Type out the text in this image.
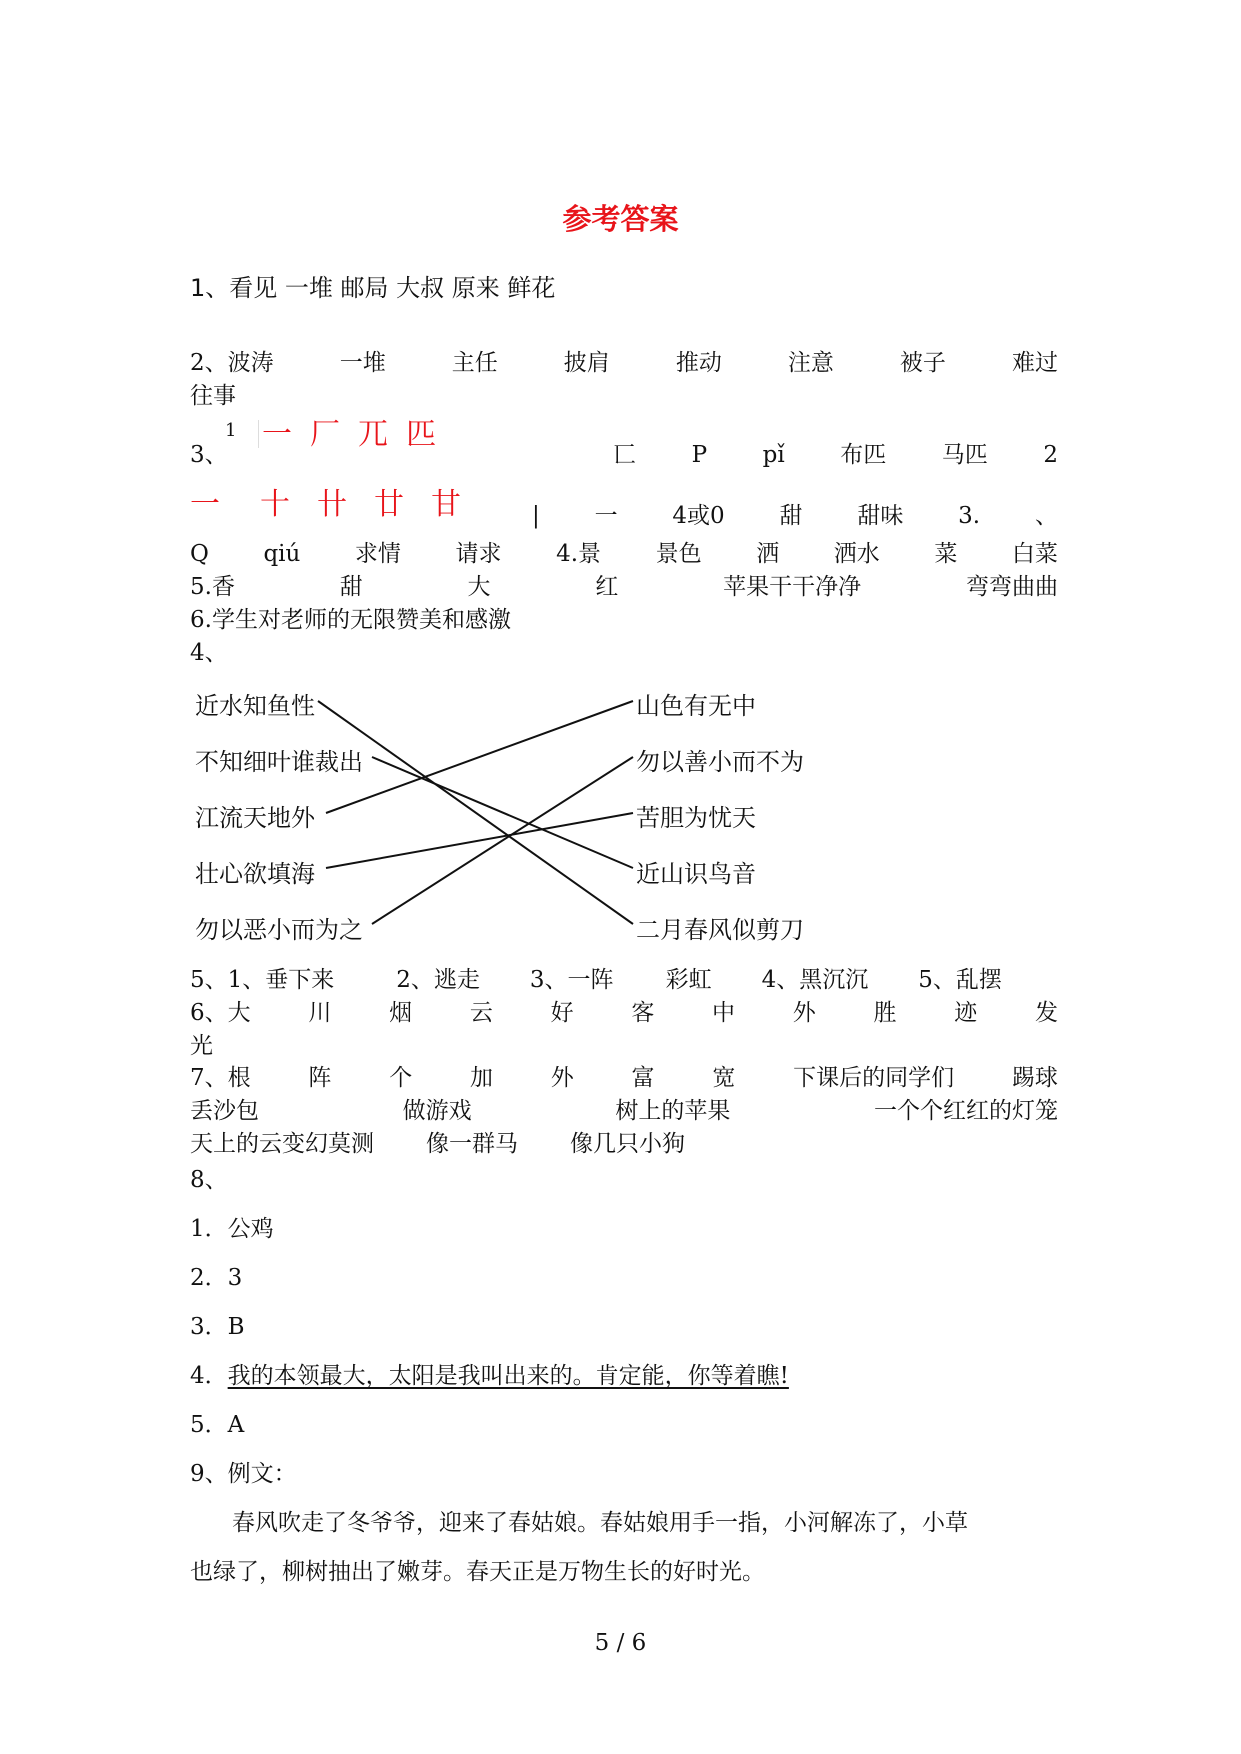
参考答案
1、看见 一堆 邮局 大叔 原来 鲜花
2、波涛	一堆	主任	披肩	推动	注意	被子	难过
往事
1 一 厂 兀 匹
3、	匸 P pǐ 布匹 马匹 2
一 十 卄 廿 甘	| 一 4或0 甜 甜味 3. 、
Q qiú 求情 请求 4.景 景色 洒 洒水 菜 白菜
5.香	甜	大	红	苹果干干净净	弯弯曲曲
6.学生对老师的无限赞美和感激
4、
近水知鱼性
不知细叶谁裁出
江流天地外
壮心欲填海
勿以恶小而为之
山色有无中
勿以善小而不为
苦胆为忧天
近山识鸟音
二月春风似剪刀
5、1、垂下来	2、逃走 3、一阵 彩虹 4、黑沉沉 5、乱摆
6、大	川	烟	云	好	客	中	外	胜	迹	发
光
7、根	阵	个	加	外	富	宽	下课后的同学们	踢球
丢沙包	做游戏	树上的苹果	一个个红红的灯笼
天上的云变幻莫测 像一群马 像几只小狗
8、
1．公鸡
2．3
3．B
4．我的本领最大，太阳是我叫出来的。肯定能，你等着瞧!
5．A
9、例文：
春风吹走了冬爷爷，迎来了春姑娘。春姑娘用手一指，小河解冻了，小草
也绿了，柳树抽出了嫩芽。春天正是万物生长的好时光。
5 / 6
